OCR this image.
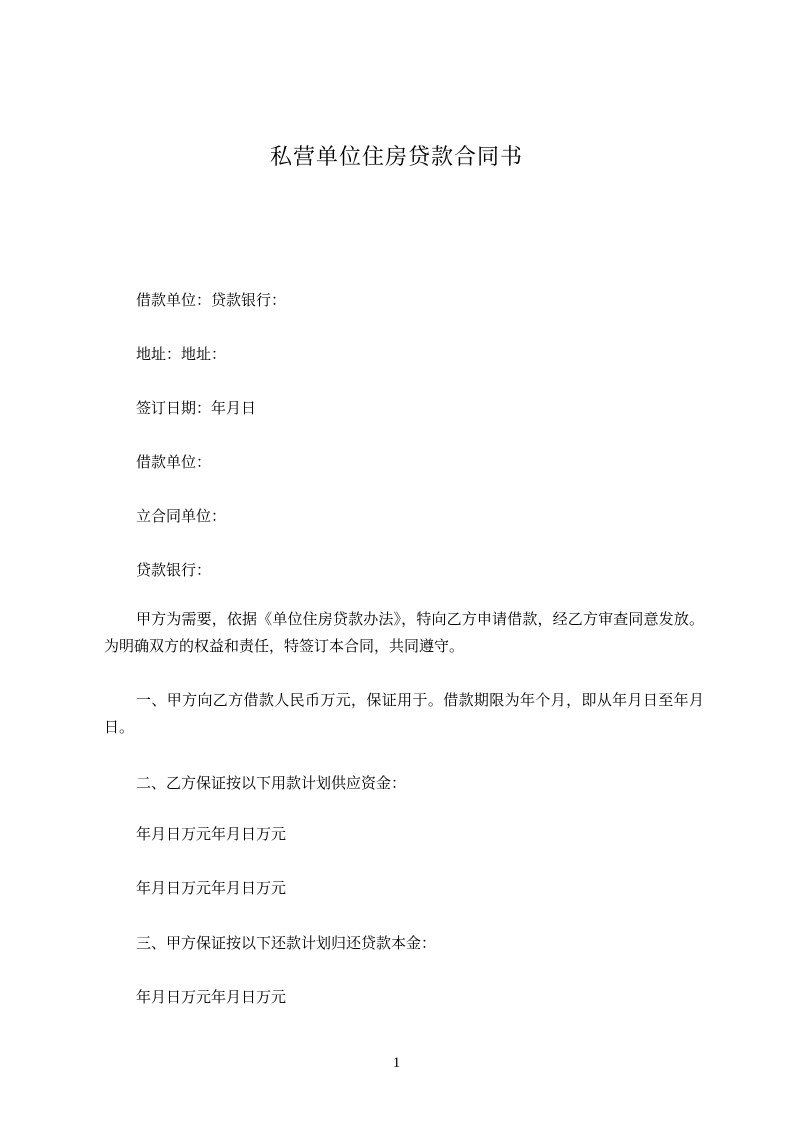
私营单位住房贷款合同书

借款单位：贷款银行：

地址：地址：

签订日期：年月日

借款单位：

立合同单位：

贷款银行：

甲方为需要，依据《单位住房贷款办法》，特向乙方申请借款，经乙方审查同意发放。为明确双方的权益和责任，特签订本合同，共同遵守。

一、甲方向乙方借款人民币万元，保证用于。借款期限为年个月，即从年月日至年月日。

二、乙方保证按以下用款计划供应资金：

年月日万元年月日万元

年月日万元年月日万元

三、甲方保证按以下还款计划归还贷款本金：

年月日万元年月日万元

1
